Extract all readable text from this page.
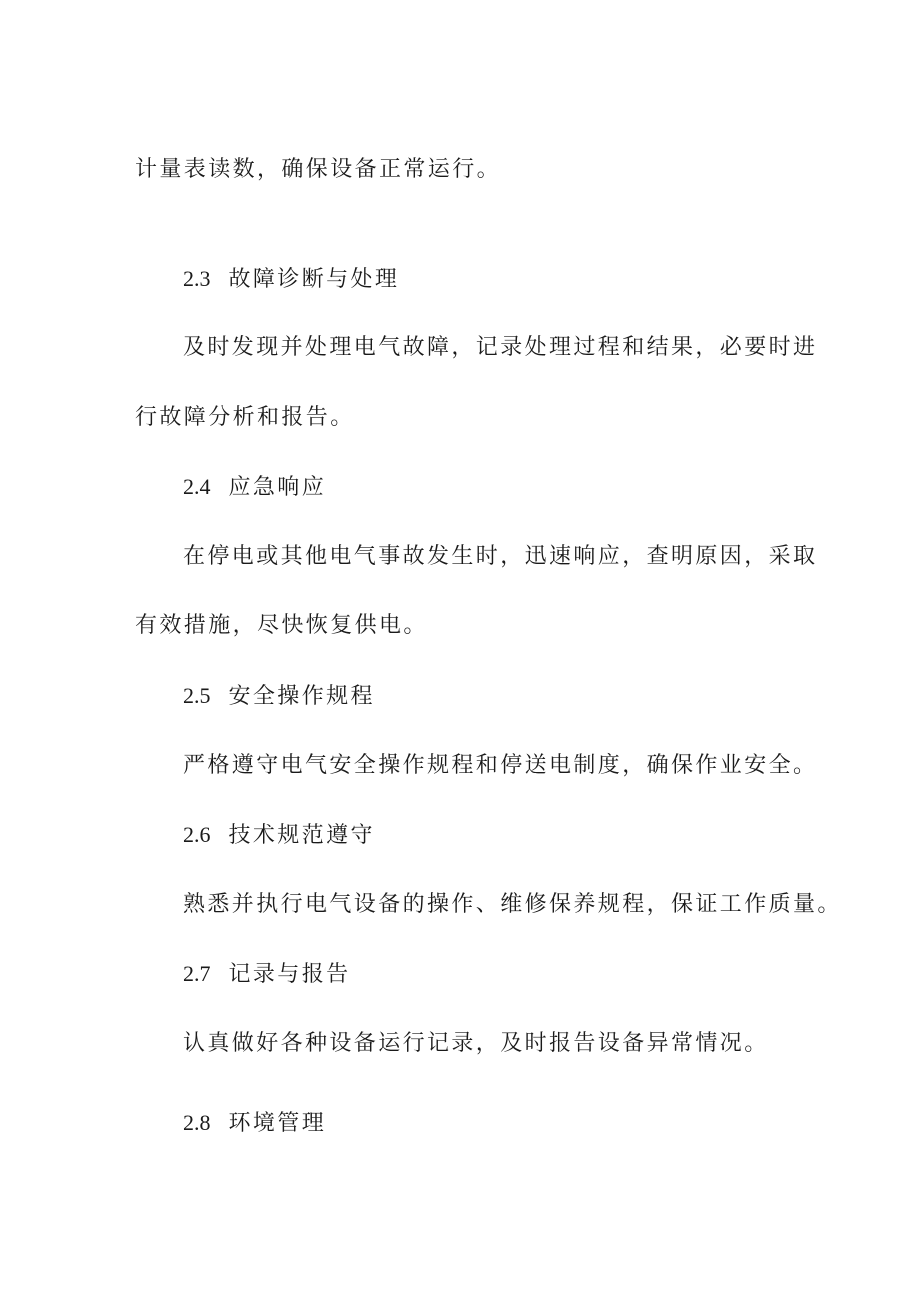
计量表读数，确保设备正常运行。
2.3 故障诊断与处理
及时发现并处理电气故障，记录处理过程和结果，必要时进
行故障分析和报告。
2.4 应急响应
在停电或其他电气事故发生时，迅速响应，查明原因，采取
有效措施，尽快恢复供电。
2.5 安全操作规程
严格遵守电气安全操作规程和停送电制度，确保作业安全。
2.6 技术规范遵守
熟悉并执行电气设备的操作、维修保养规程，保证工作质量。
2.7 记录与报告
认真做好各种设备运行记录，及时报告设备异常情况。
2.8 环境管理
